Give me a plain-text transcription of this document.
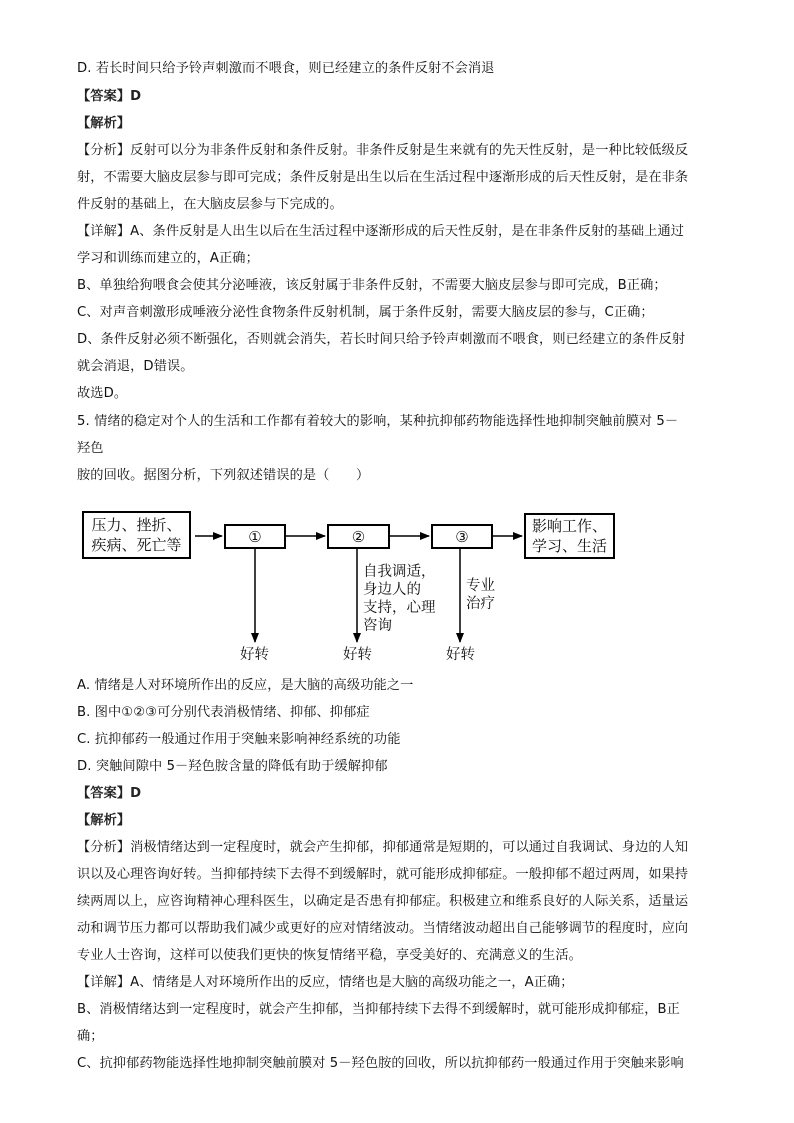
D. 若长时间只给予铃声刺激而不喂食，则已经建立的条件反射不会消退
【答案】D
【解析】
【分析】反射可以分为非条件反射和条件反射。非条件反射是生来就有的先天性反射，是一种比较低级反
射，不需要大脑皮层参与即可完成；条件反射是出生以后在生活过程中逐渐形成的后天性反射，是在非条
件反射的基础上，在大脑皮层参与下完成的。
【详解】A、条件反射是人出生以后在生活过程中逐渐形成的后天性反射，是在非条件反射的基础上通过
学习和训练而建立的，A正确；
B、单独给狗喂食会使其分泌唾液，该反射属于非条件反射，不需要大脑皮层参与即可完成，B正确；
C、对声音刺激形成唾液分泌性食物条件反射机制，属于条件反射，需要大脑皮层的参与，C正确；
D、条件反射必须不断强化，否则就会消失，若长时间只给予铃声刺激而不喂食，则已经建立的条件反射
就会消退，D错误。
故选D。
5. 情绪的稳定对个人的生活和工作都有着较大的影响，某种抗抑郁药物能选择性地抑制突触前膜对 5－
羟色
胺的回收。据图分析，下列叙述错误的是（　　）
压力、挫折、
疾病、死亡等	①	②	③
影响工作、
学习、生活
自我调适，
身边人的
支持，心理
咨询
专业
治疗
好转	好转	好转
A. 情绪是人对环境所作出的反应，是大脑的高级功能之一
B. 图中①②③可分别代表消极情绪、抑郁、抑郁症
C. 抗抑郁药一般通过作用于突触来影响神经系统的功能
D. 突触间隙中 5－羟色胺含量的降低有助于缓解抑郁
【答案】D
【解析】
【分析】消极情绪达到一定程度时，就会产生抑郁，抑郁通常是短期的，可以通过自我调试、身边的人知
识以及心理咨询好转。当抑郁持续下去得不到缓解时，就可能形成抑郁症。一般抑郁不超过两周，如果持
续两周以上，应咨询精神心理科医生，以确定是否患有抑郁症。积极建立和维系良好的人际关系，适量运
动和调节压力都可以帮助我们减少或更好的应对情绪波动。当情绪波动超出自己能够调节的程度时，应向
专业人士咨询，这样可以使我们更快的恢复情绪平稳，享受美好的、充满意义的生活。
【详解】A、情绪是人对环境所作出的反应，情绪也是大脑的高级功能之一，A正确；
B、消极情绪达到一定程度时，就会产生抑郁，当抑郁持续下去得不到缓解时，就可能形成抑郁症，B正
确；
C、抗抑郁药物能选择性地抑制突触前膜对 5－羟色胺的回收，所以抗抑郁药一般通过作用于突触来影响
